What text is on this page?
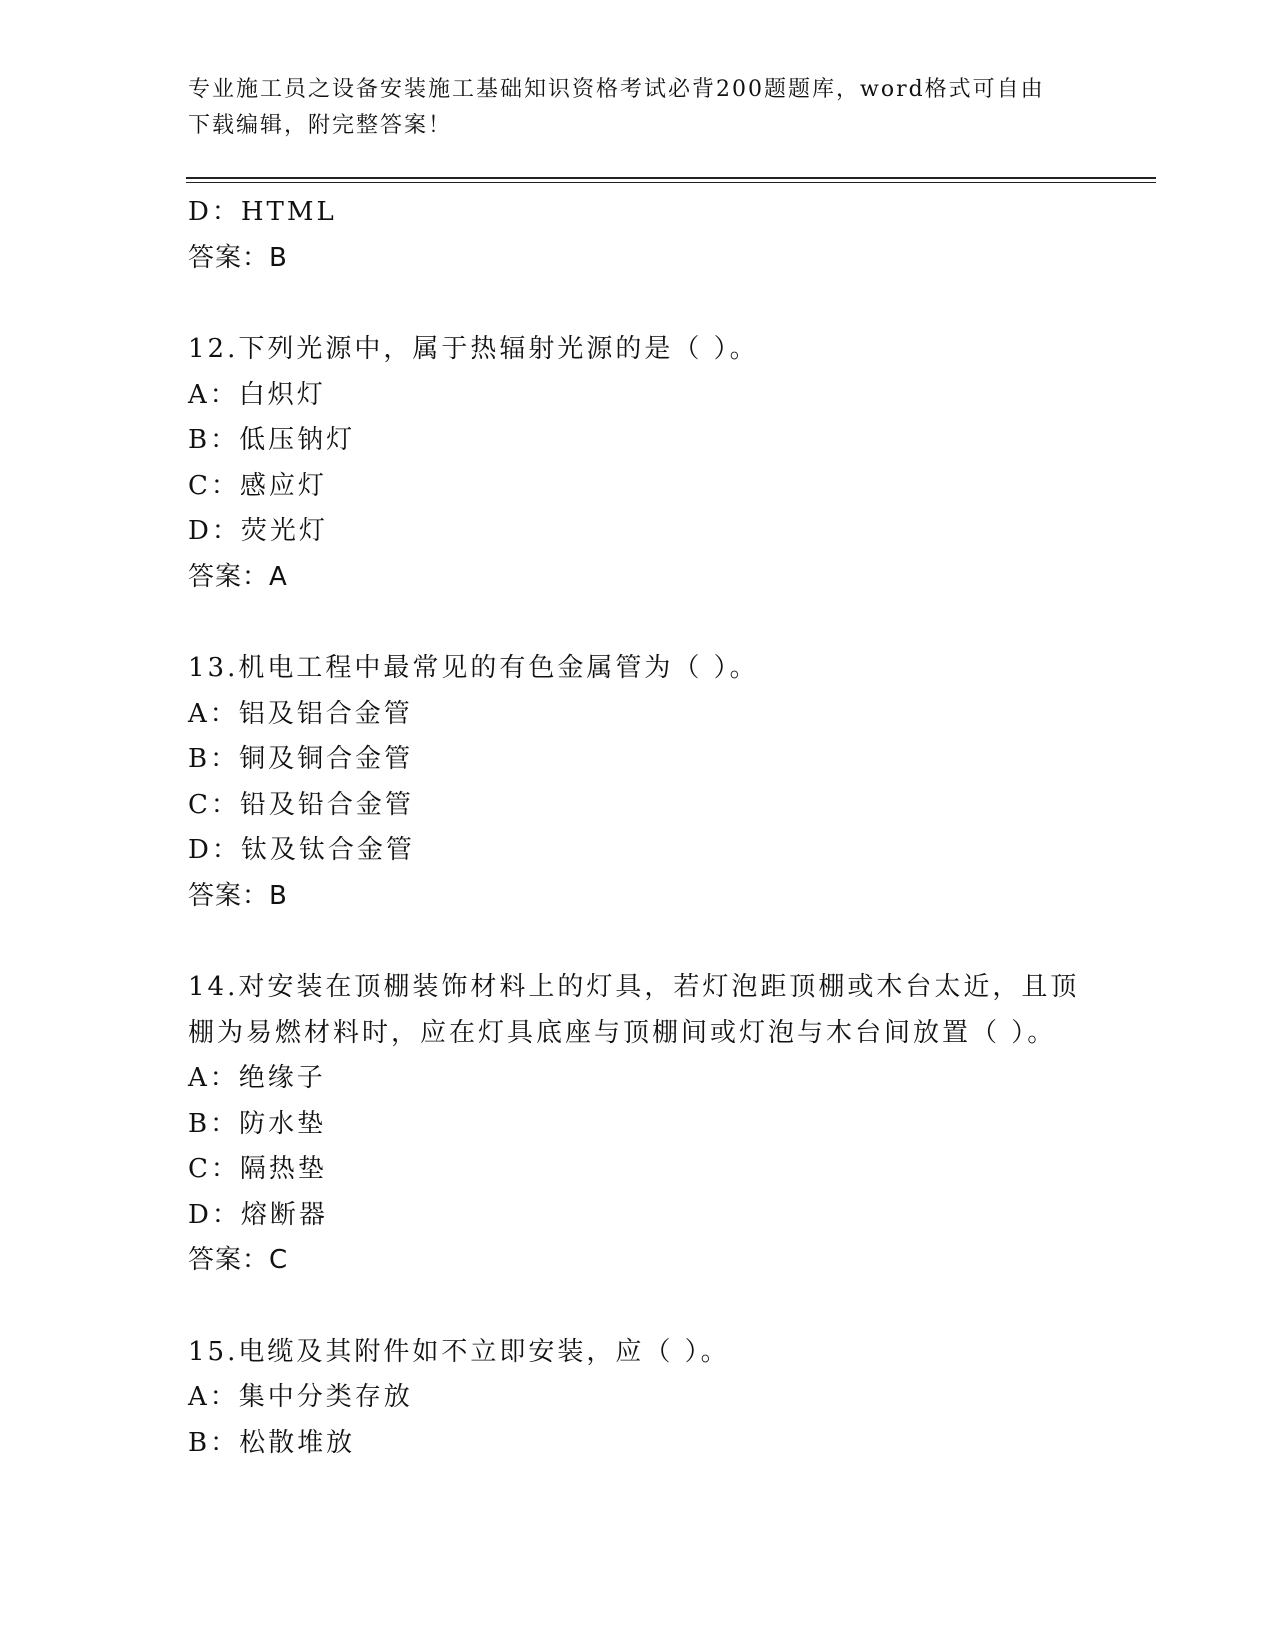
专业施工员之设备安装施工基础知识资格考试必背200题题库，word格式可自由
下载编辑，附完整答案！
D：HTML
答案：B
12.下列光源中，属于热辐射光源的是（ ）。
A：白炽灯
B：低压钠灯
C：感应灯
D：荧光灯
答案：A
13.机电工程中最常见的有色金属管为（ ）。
A：铝及铝合金管
B：铜及铜合金管
C：铅及铅合金管
D：钛及钛合金管
答案：B
14.对安装在顶棚装饰材料上的灯具，若灯泡距顶棚或木台太近，且顶
棚为易燃材料时，应在灯具底座与顶棚间或灯泡与木台间放置（ ）。
A：绝缘子
B：防水垫
C：隔热垫
D：熔断器
答案：C
15.电缆及其附件如不立即安装，应（ ）。
A：集中分类存放
B：松散堆放
